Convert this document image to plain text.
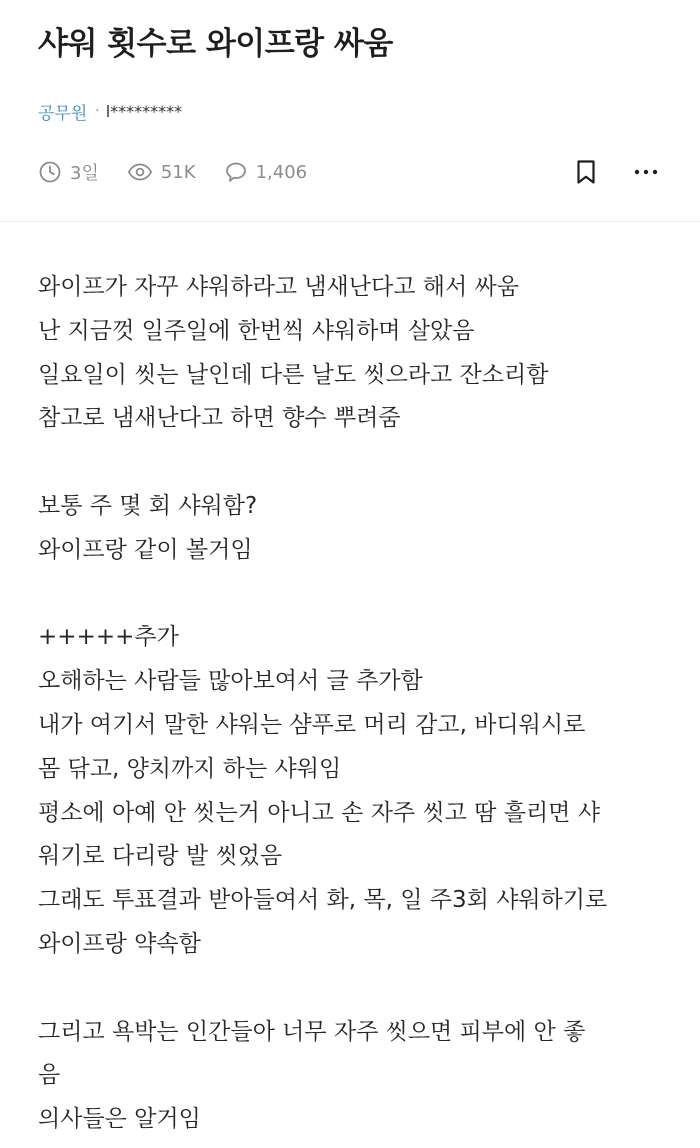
샤워 횟수로 와이프랑 싸움
공무원 · l*********
3일	51K	1,406
와이프가 자꾸 샤워하라고 냄새난다고 해서 싸움
난 지금껏 일주일에 한번씩 샤워하며 살았음
일요일이 씻는 날인데 다른 날도 씻으라고 잔소리함
참고로 냄새난다고 하면 향수 뿌려줌
보통 주 몇 회 샤워함?
와이프랑 같이 볼거임
+++++추가
오해하는 사람들 많아보여서 글 추가함
내가 여기서 말한 샤워는 샴푸로 머리 감고, 바디워시로
몸 닦고, 양치까지 하는 샤워임
평소에 아예 안 씻는거 아니고 손 자주 씻고 땀 흘리면 샤
워기로 다리랑 발 씻었음
그래도 투표결과 받아들여서 화, 목, 일 주3회 샤워하기로
와이프랑 약속함
그리고 욕박는 인간들아 너무 자주 씻으면 피부에 안 좋
음
의사들은 알거임
